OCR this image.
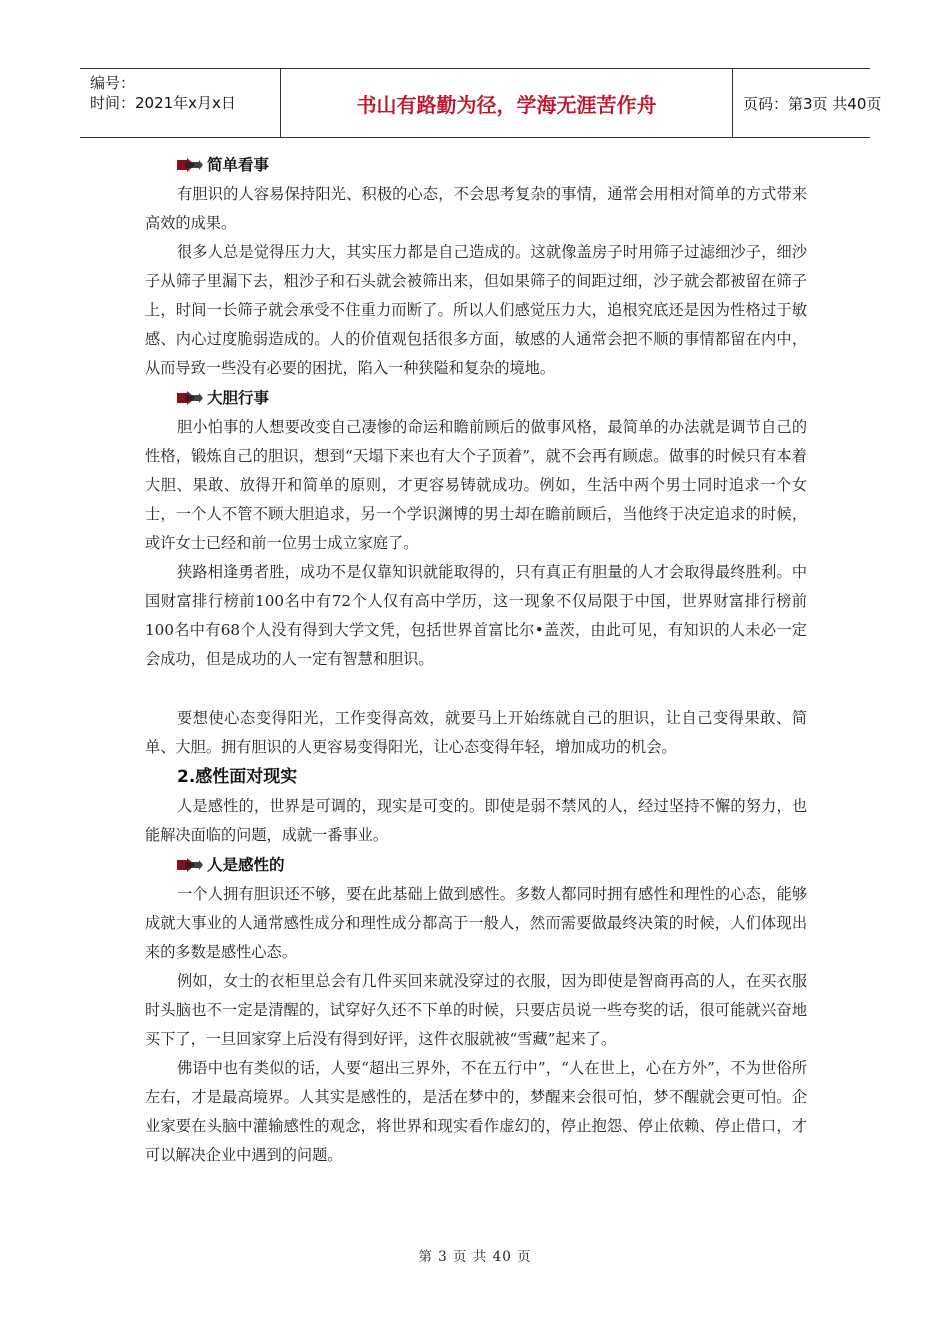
编号：
时间：2021年x月x日	书山有路勤为径，学海无涯苦作舟	页码：第3页 共40页
简单看事

有胆识的人容易保持阳光、积极的心态，不会思考复杂的事情，通常会用相对简单的方式带来高效的成果。

很多人总是觉得压力大，其实压力都是自己造成的。这就像盖房子时用筛子过滤细沙子，细沙子从筛子里漏下去，粗沙子和石头就会被筛出来，但如果筛子的间距过细，沙子就会都被留在筛子上，时间一长筛子就会承受不住重力而断了。所以人们感觉压力大，追根究底还是因为性格过于敏感、内心过度脆弱造成的。人的价值观包括很多方面，敏感的人通常会把不顺的事情都留在内中，从而导致一些没有必要的困扰，陷入一种狭隘和复杂的境地。

大胆行事

胆小怕事的人想要改变自己凄惨的命运和瞻前顾后的做事风格，最简单的办法就是调节自己的性格，锻炼自己的胆识，想到“天塌下来也有大个子顶着”，就不会再有顾虑。做事的时候只有本着大胆、果敢、放得开和简单的原则，才更容易铸就成功。例如，生活中两个男士同时追求一个女士，一个人不管不顾大胆追求，另一个学识渊博的男士却在瞻前顾后，当他终于决定追求的时候，或许女士已经和前一位男士成立家庭了。

狭路相逢勇者胜，成功不是仅靠知识就能取得的，只有真正有胆量的人才会取得最终胜利。中国财富排行榜前100名中有72个人仅有高中学历，这一现象不仅局限于中国，世界财富排行榜前100名中有68个人没有得到大学文凭，包括世界首富比尔•盖茨，由此可见，有知识的人未必一定会成功，但是成功的人一定有智慧和胆识。

要想使心态变得阳光，工作变得高效，就要马上开始练就自己的胆识，让自己变得果敢、简单、大胆。拥有胆识的人更容易变得阳光，让心态变得年轻，增加成功的机会。

2.感性面对现实

人是感性的，世界是可调的，现实是可变的。即使是弱不禁风的人，经过坚持不懈的努力，也能解决面临的问题，成就一番事业。

人是感性的

一个人拥有胆识还不够，要在此基础上做到感性。多数人都同时拥有感性和理性的心态，能够成就大事业的人通常感性成分和理性成分都高于一般人，然而需要做最终决策的时候，人们体现出来的多数是感性心态。

例如，女士的衣柜里总会有几件买回来就没穿过的衣服，因为即使是智商再高的人，在买衣服时头脑也不一定是清醒的，试穿好久还不下单的时候，只要店员说一些夸奖的话，很可能就兴奋地买下了，一旦回家穿上后没有得到好评，这件衣服就被“雪藏”起来了。

佛语中也有类似的话，人要“超出三界外，不在五行中”，“人在世上，心在方外”，不为世俗所左右，才是最高境界。人其实是感性的，是活在梦中的，梦醒来会很可怕，梦不醒就会更可怕。企业家要在头脑中灌输感性的观念，将世界和现实看作虚幻的，停止抱怨、停止依赖、停止借口，才可以解决企业中遇到的问题。

第 3 页 共 40 页
